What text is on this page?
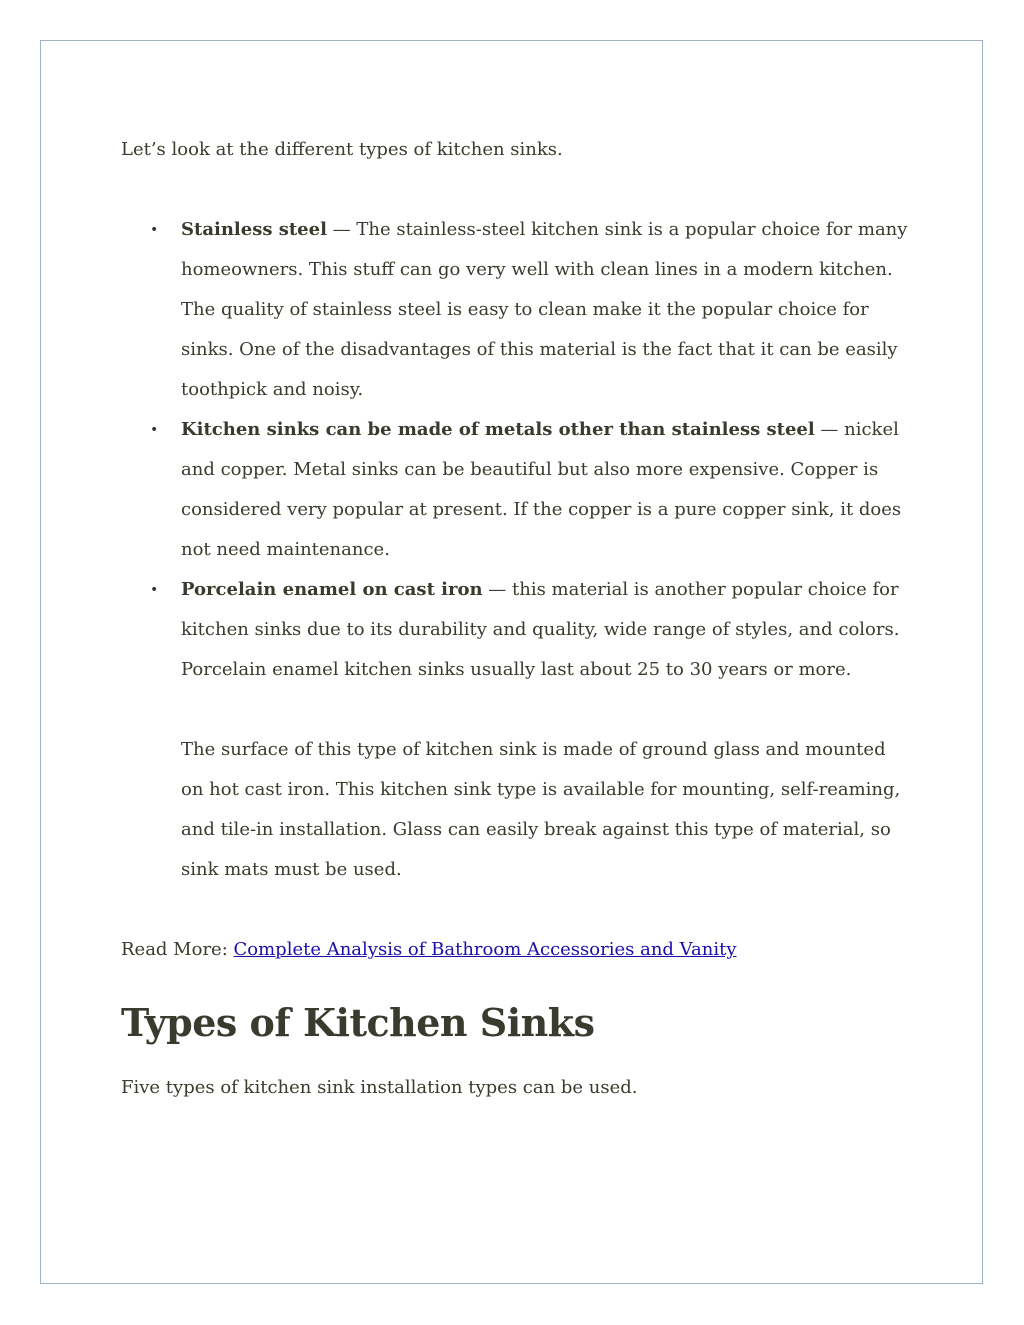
Let’s look at the different types of kitchen sinks.

• Stainless steel — The stainless-steel kitchen sink is a popular choice for many homeowners. This stuff can go very well with clean lines in a modern kitchen. The quality of stainless steel is easy to clean make it the popular choice for sinks. One of the disadvantages of this material is the fact that it can be easily toothpick and noisy.
• Kitchen sinks can be made of metals other than stainless steel — nickel and copper. Metal sinks can be beautiful but also more expensive. Copper is considered very popular at present. If the copper is a pure copper sink, it does not need maintenance.
• Porcelain enamel on cast iron — this material is another popular choice for kitchen sinks due to its durability and quality, wide range of styles, and colors. Porcelain enamel kitchen sinks usually last about 25 to 30 years or more.

The surface of this type of kitchen sink is made of ground glass and mounted on hot cast iron. This kitchen sink type is available for mounting, self-reaming, and tile-in installation. Glass can easily break against this type of material, so sink mats must be used.

Read More: Complete Analysis of Bathroom Accessories and Vanity

Types of Kitchen Sinks

Five types of kitchen sink installation types can be used.
